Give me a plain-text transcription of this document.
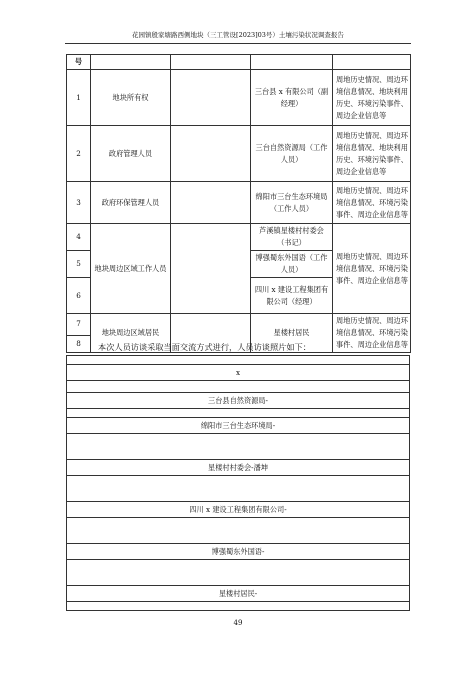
花园镇殷家塘路西侧地块（三工管设[2023]03号）土壤污染状况调查报告
号				
1	地块所有权		三台县 x 有限公司（副经理）	周地历史情况、周边环境信息情况、地块利用历史、环境污染事件、周边企业信息等
2	政府管理人员		三台自然资源局（工作人员）	周地历史情况、周边环境信息情况、地块利用历史、环境污染事件、周边企业信息等
3	政府环保管理人员		绵阳市三台生态环境局（工作人员）	周地历史情况、周边环境信息情况、环境污染事件、周边企业信息等
4	地块周边区域工作人员		芦溪镇星楼村村委会（书记）	周地历史情况、周边环境信息情况、环境污染事件、周边企业信息等
5			博强蜀东外国语（工作人员）	
6			四川 x 建设工程集团有限公司（经理）	
7	地块周边区域居民		星楼村居民	周地历史情况、周边环境信息情况、环境污染事件、周边企业信息等
8				本次人员访谈采取当面交流方式进行，人员访谈照片如下：

x

三台县自然资源局-

绵阳市三台生态环境局-

星楼村村委会-潘坤

四川 x 建设工程集团有限公司-

博强蜀东外国语-

星楼村居民-

49
